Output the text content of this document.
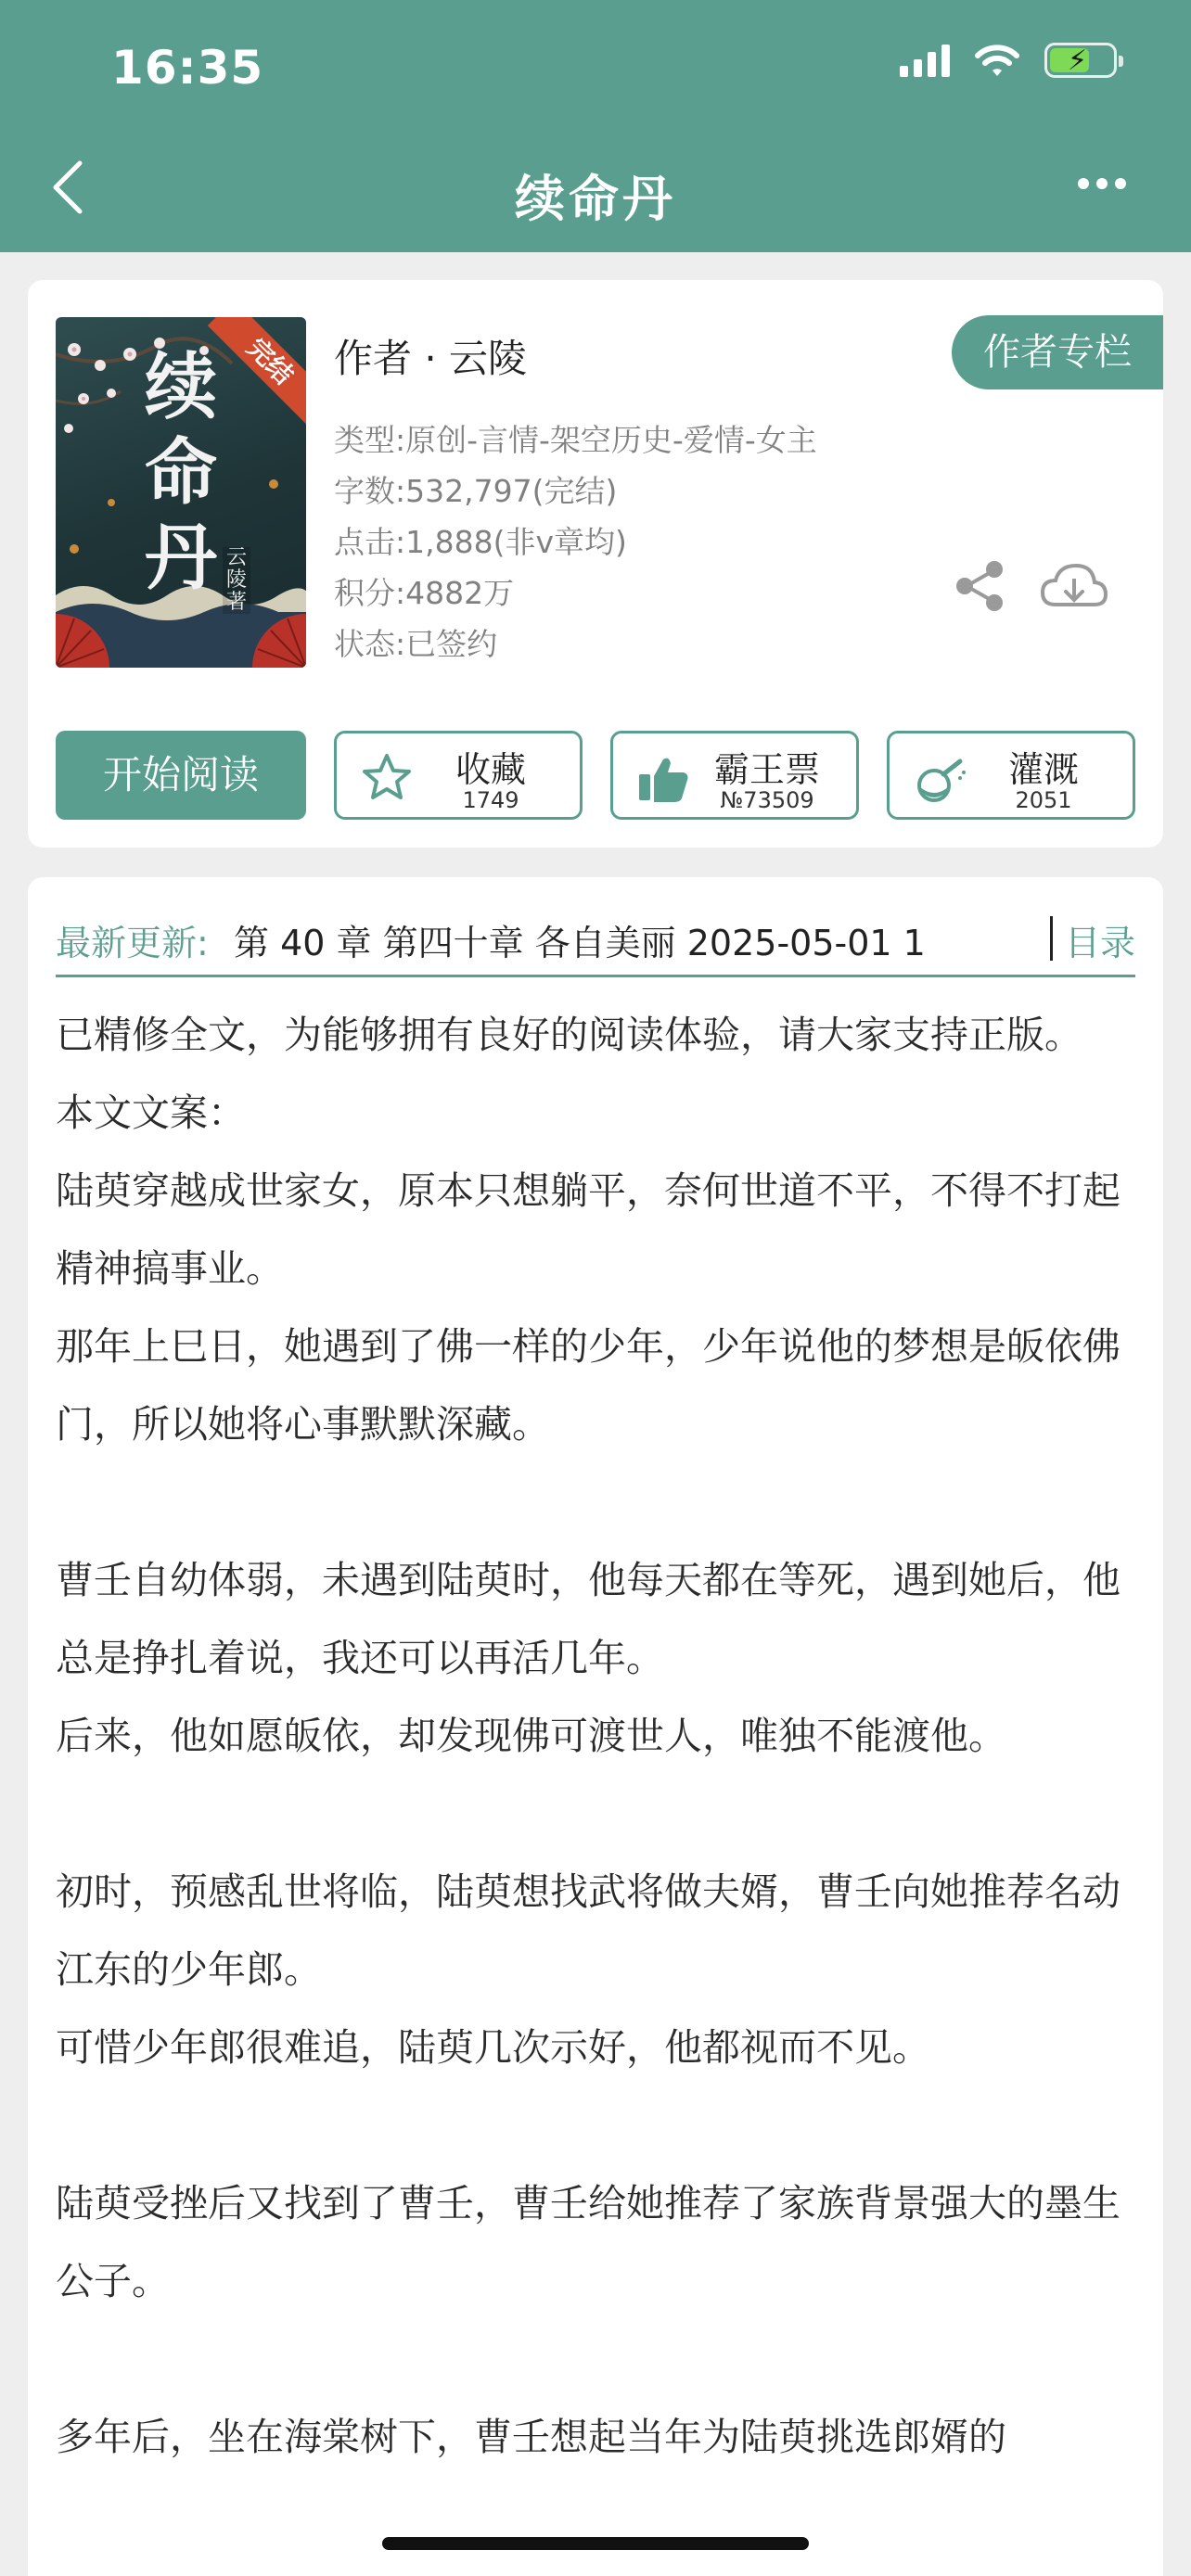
16:35	⚡
续命丹
续命丹 云陵著
完结 作者 · 云陵	作者专栏
类型:原创-言情-架空历史-爱情-女主
字数:532,797(完结)
点击:1,888(非v章均)
积分:4882万
状态:已签约
开始阅读	收藏
1749
霸王票
№73509
灌溉
2051
最新更新: 第 40 章 第四十章 各自美丽 2025-05-01 1	目录
已精修全文，为能够拥有良好的阅读体验，请大家支持正版。
本文文案：
陆萸穿越成世家女，原本只想躺平，奈何世道不平，不得不打起精神搞事业。
那年上巳日，她遇到了佛一样的少年，少年说他的梦想是皈依佛门，所以她将心事默默深藏。
曹壬自幼体弱，未遇到陆萸时，他每天都在等死，遇到她后，他总是挣扎着说，我还可以再活几年。
后来，他如愿皈依，却发现佛可渡世人，唯独不能渡他。
初时，预感乱世将临，陆萸想找武将做夫婿，曹壬向她推荐名动江东的少年郎。
可惜少年郎很难追，陆萸几次示好，他都视而不见。
陆萸受挫后又找到了曹壬，曹壬给她推荐了家族背景强大的墨生公子。
多年后，坐在海棠树下，曹壬想起当年为陆萸挑选郎婿的
